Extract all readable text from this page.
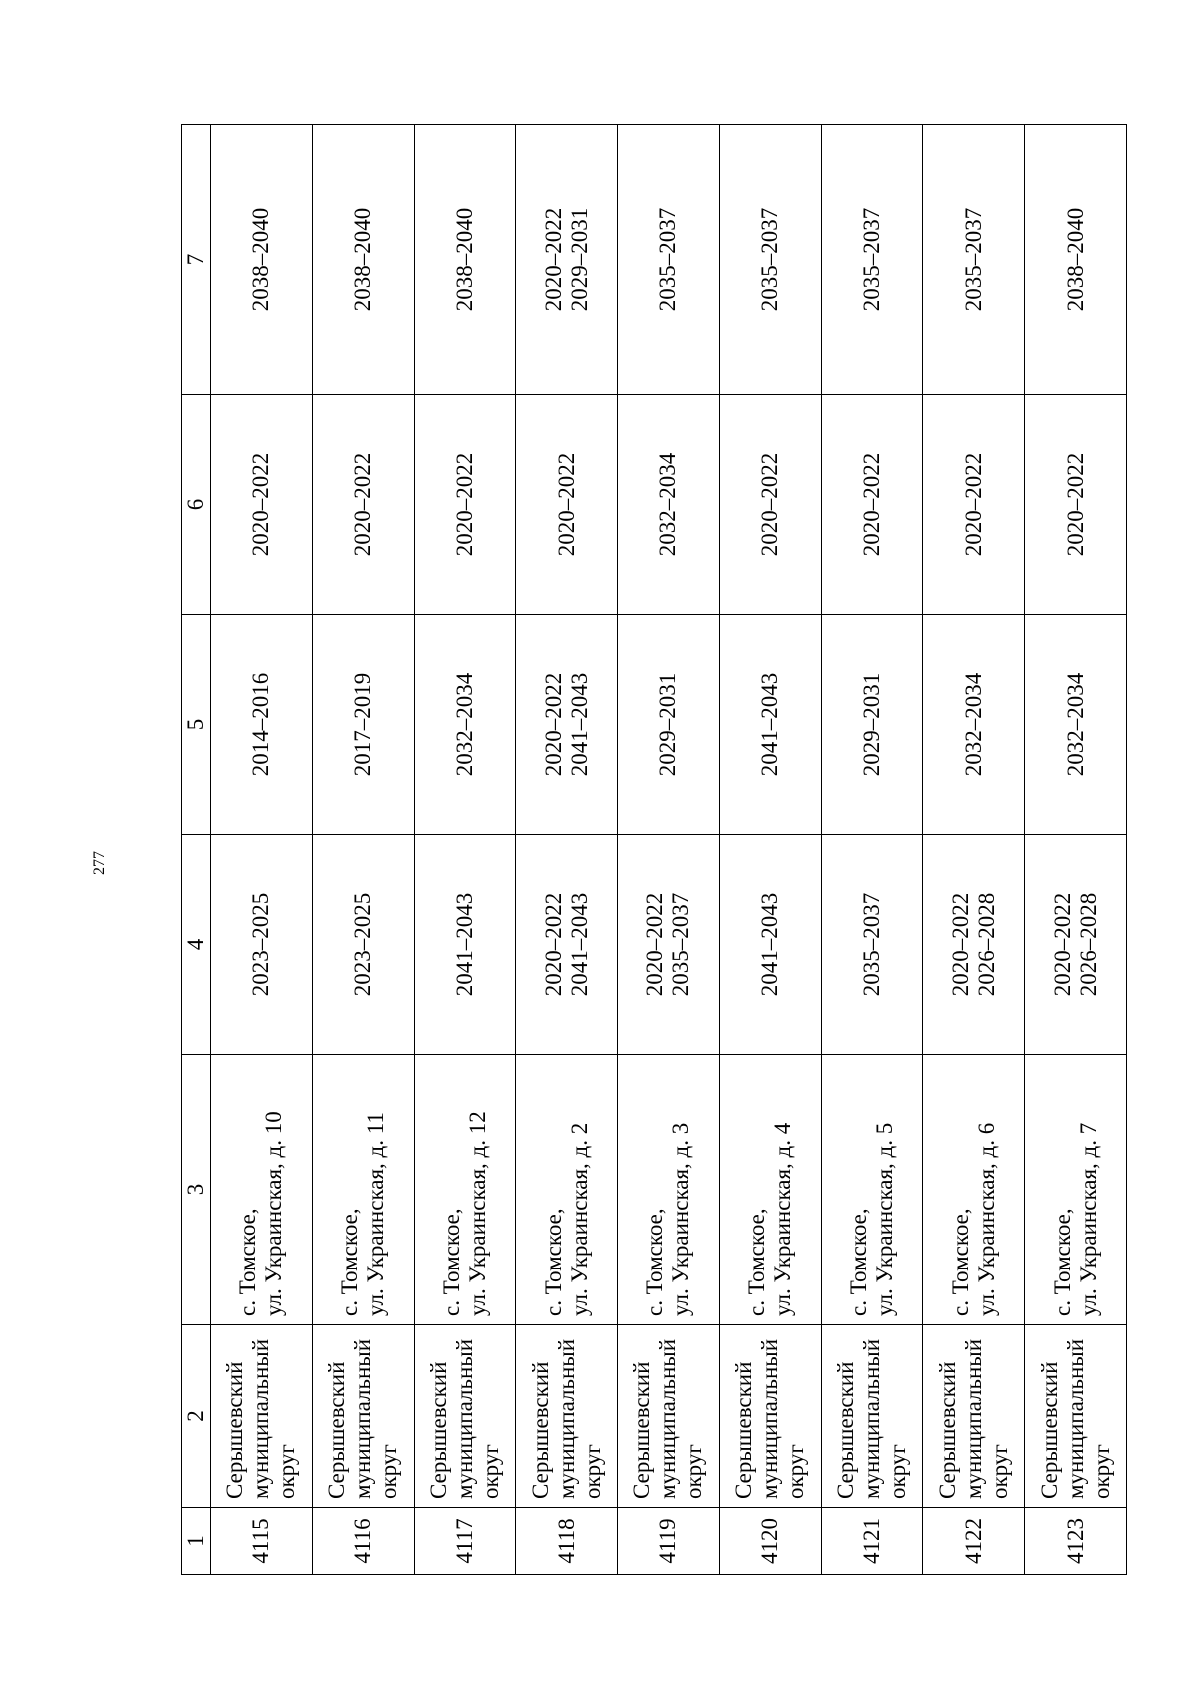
277
1	2	3	4	5	6	7
4115	Серышевский муниципальный округ	с. Томское, ул. Украинская, д. 10	2023–2025	2014–2016	2020–2022	2038–2040

4116	Серышевский муниципальный округ	с. Томское, ул. Украинская, д. 11	2023–2025	2017–2019	2020–2022	2038–2040

4117	Серышевский муниципальный округ	с. Томское, ул. Украинская, д. 12	2041–2043	2032–2034	2020–2022	2038–2040

4118	Серышевский муниципальный округ	с. Томское, ул. Украинская, д. 2	2020–2022 2041–2043	2020–2022 2041–2043	2020–2022	2020–2022 2029–2031

4119	Серышевский муниципальный округ	с. Томское, ул. Украинская, д. 3	2020–2022 2035–2037	2029–2031	2032–2034	2035–2037

4120	Серышевский муниципальный округ	с. Томское, ул. Украинская, д. 4	2041–2043	2041–2043	2020–2022	2035–2037

4121	Серышевский муниципальный округ	с. Томское, ул. Украинская, д. 5	2035–2037	2029–2031	2020–2022	2035–2037

4122	Серышевский муниципальный округ	с. Томское, ул. Украинская, д. 6	2020–2022 2026–2028	2032–2034	2020–2022	2035–2037

4123	Серышевский муниципальный округ	с. Томское, ул. Украинская, д. 7	2020–2022 2026–2028	2032–2034	2020–2022	2038–2040
